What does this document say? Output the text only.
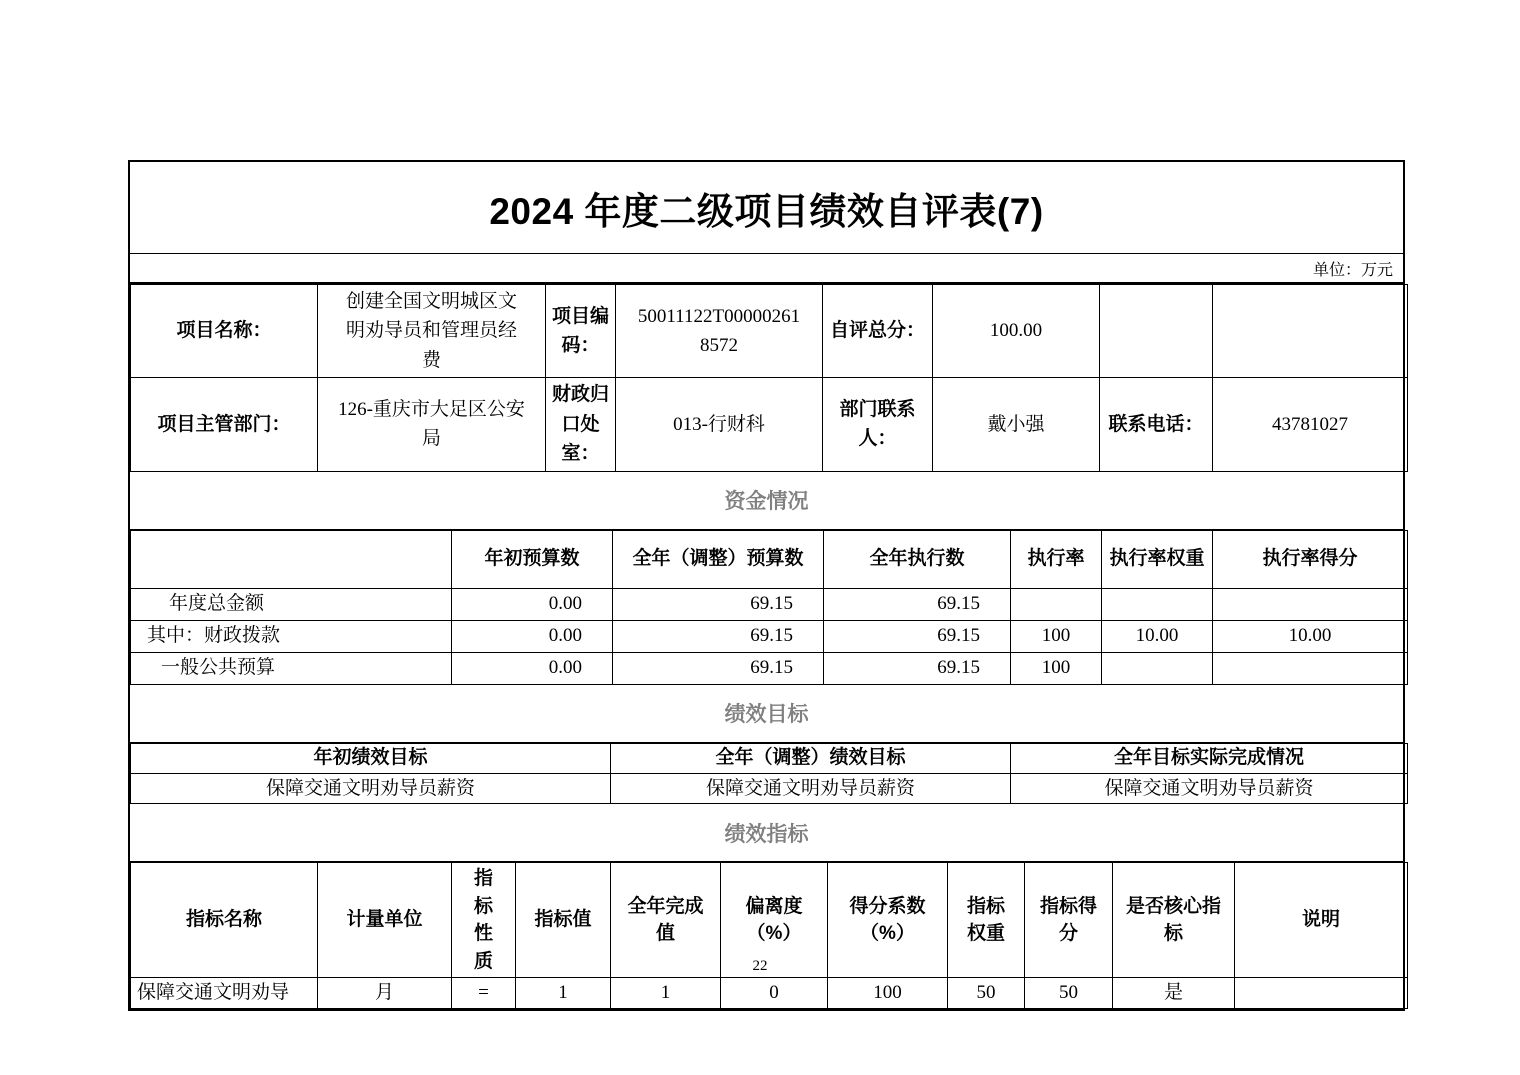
2024 年度二级项目绩效自评表(7)
单位：万元
项目名称：	创建全国文明城区文明劝导员和管理员经费	项目编码：	50011122T000002618572	自评总分：	100.00		
项目主管部门：	126-重庆市大足区公安局	财政归口处室：	013-行财科	部门联系人：	戴小强	联系电话：	43781027
资金情况
	年初预算数	全年（调整）预算数	全年执行数	执行率	执行率权重	执行率得分
年度总金额	0.00	69.15	69.15			
其中：财政拨款	0.00	69.15	69.15	100	10.00	10.00
一般公共预算	0.00	69.15	69.15	100		
绩效目标
年初绩效目标	全年（调整）绩效目标	全年目标实际完成情况
保障交通文明劝导员薪资	保障交通文明劝导员薪资	保障交通文明劝导员薪资
绩效指标
指标名称	计量单位	指标性质	指标值	全年完成值	偏离度（%）	得分系数（%）	指标权重	指标得分	是否核心指标	说明
保障交通文明劝导	月	=	1	1	0	100	50	50	是	
22
